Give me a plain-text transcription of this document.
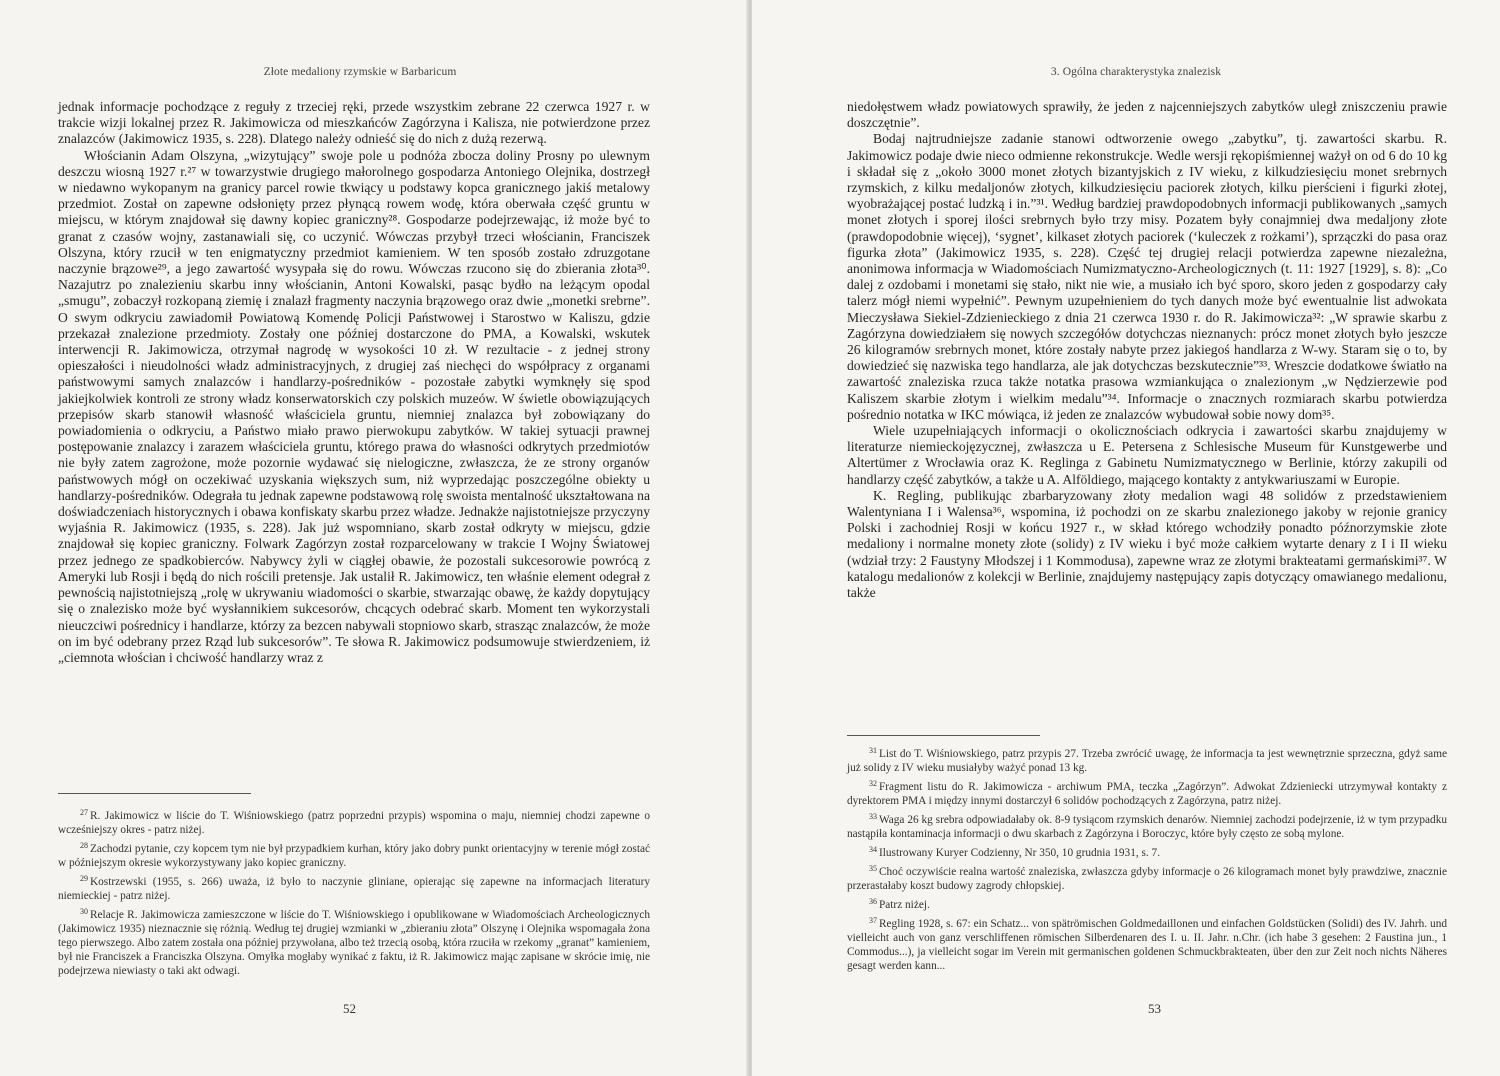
Złote medaliony rzymskie w Barbaricum

jednak informacje pochodzące z reguły z trzeciej ręki, przede wszystkim zebrane 22 czerwca 1927 r. w trakcie wizji lokalnej przez R. Jakimowicza od mieszkańców Zagórzyna i Kalisza, nie potwierdzone przez znalazców (Jakimowicz 1935, s. 228). Dlatego należy odnieść się do nich z dużą rezerwą.

Włościanin Adam Olszyna, „wizytujący” swoje pole u podnóża zbocza doliny Prosny po ulewnym deszczu wiosną 1927 r.²⁷ w towarzystwie drugiego małorolnego gospodarza Antoniego Olejnika, dostrzegł w niedawno wykopanym na granicy parcel rowie tkwiący u podstawy kopca granicznego jakiś metalowy przedmiot. Został on zapewne odsłonięty przez płynącą rowem wodę, która oberwała część gruntu w miejscu, w którym znajdował się dawny kopiec graniczny²⁸. Gospodarze podejrzewając, iż może być to granat z czasów wojny, zastanawiali się, co uczynić. Wówczas przybył trzeci włościanin, Franciszek Olszyna, który rzucił w ten enigmatyczny przedmiot kamieniem. W ten sposób zostało zdruzgotane naczynie brązowe²⁹, a jego zawartość wysypała się do rowu. Wówczas rzucono się do zbierania złota³⁰. Nazajutrz po znalezieniu skarbu inny włościanin, Antoni Kowalski, pasąc bydło na leżącym opodal „smugu”, zobaczył rozkopaną ziemię i znalazł fragmenty naczynia brązowego oraz dwie „monetki srebrne”. O swym odkryciu zawiadomił Powiatową Komendę Policji Państwowej i Starostwo w Kaliszu, gdzie przekazał znalezione przedmioty. Zostały one później dostarczone do PMA, a Kowalski, wskutek interwencji R. Jakimowicza, otrzymał nagrodę w wysokości 10 zł. W rezultacie - z jednej strony opieszałości i nieudolności władz administracyjnych, z drugiej zaś niechęci do współpracy z organami państwowymi samych znalazców i handlarzy-pośredników - pozostałe zabytki wymknęły się spod jakiejkolwiek kontroli ze strony władz konserwatorskich czy polskich muzeów. W świetle obowiązujących przepisów skarb stanowił własność właściciela gruntu, niemniej znalazca był zobowiązany do powiadomienia o odkryciu, a Państwo miało prawo pierwokupu zabytków. W takiej sytuacji prawnej postępowanie znalazcy i zarazem właściciela gruntu, którego prawa do własności odkrytych przedmiotów nie były zatem zagrożone, może pozornie wydawać się nielogiczne, zwłaszcza, że ze strony organów państwowych mógł on oczekiwać uzyskania większych sum, niż wyprzedając poszczególne obiekty u handlarzy-pośredników. Odegrała tu jednak zapewne podstawową rolę swoista mentalność ukształtowana na doświadczeniach historycznych i obawa konfiskaty skarbu przez władze. Jednakże najistotniejsze przyczyny wyjaśnia R. Jakimowicz (1935, s. 228). Jak już wspomniano, skarb został odkryty w miejscu, gdzie znajdował się kopiec graniczny. Folwark Zagórzyn został rozparcelowany w trakcie I Wojny Światowej przez jednego ze spadkobierców. Nabywcy żyli w ciągłej obawie, że pozostali sukcesorowie powrócą z Ameryki lub Rosji i będą do nich rościli pretensje. Jak ustalił R. Jakimowicz, ten właśnie element odegrał z pewnością najistotniejszą „rolę w ukrywaniu wiadomości o skarbie, stwarzając obawę, że każdy dopytujący się o znalezisko może być wysłannikiem sukcesorów, chcących odebrać skarb. Moment ten wykorzystali nieuczciwi pośrednicy i handlarze, którzy za bezcen nabywali stopniowo skarb, strasząc znalazców, że może on im być odebrany przez Rząd lub sukcesorów”. Te słowa R. Jakimowicz podsumowuje stwierdzeniem, iż „ciemnota włościan i chciwość handlarzy wraz z

$^{27}$ R. Jakimowicz w liście do T. Wiśniowskiego (patrz poprzedni przypis) wspomina o maju, niemniej chodzi zapewne o wcześniejszy okres - patrz niżej.

$^{28}$ Zachodzi pytanie, czy kopcem tym nie był przypadkiem kurhan, który jako dobry punkt orientacyjny w terenie mógł zostać w późniejszym okresie wykorzystywany jako kopiec graniczny.

$^{29}$ Kostrzewski (1955, s. 266) uważa, iż było to naczynie gliniane, opierając się zapewne na informacjach literatury niemieckiej - patrz niżej.

$^{30}$ Relacje R. Jakimowicza zamieszczone w liście do T. Wiśniowskiego i opublikowane w Wiadomościach Archeologicznych (Jakimowicz 1935) nieznacznie się różnią. Według tej drugiej wzmianki w „zbieraniu złota” Olszynę i Olejnika wspomagała żona tego pierwszego. Albo zatem została ona później przywołana, albo też trzecią osobą, która rzuciła w rzekomy „granat” kamieniem, był nie Franciszek a Franciszka Olszyna. Omyłka mogłaby wynikać z faktu, iż R. Jakimowicz mając zapisane w skrócie imię, nie podejrzewa niewiasty o taki akt odwagi.

52
3. Ogólna charakterystyka znalezisk

niedołęstwem władz powiatowych sprawiły, że jeden z najcenniejszych zabytków uległ zniszczeniu prawie doszczętnie”.

Bodaj najtrudniejsze zadanie stanowi odtworzenie owego „zabytku”, tj. zawartości skarbu. R. Jakimowicz podaje dwie nieco odmienne rekonstrukcje. Wedle wersji rękopiśmiennej ważył on od 6 do 10 kg i składał się z „około 3000 monet złotych bizantyjskich z IV wieku, z kilkudziesięciu monet srebrnych rzymskich, z kilku medaljonów złotych, kilkudziesięciu paciorek złotych, kilku pierścieni i figurki złotej, wyobrażającej postać ludzką i in.”³¹. Według bardziej prawdopodobnych informacji publikowanych „samych monet złotych i sporej ilości srebrnych było trzy misy. Pozatem były conajmniej dwa medaljony złote (prawdopodobnie więcej), ‘sygnet’, kilkaset złotych paciorek (‘kuleczek z rożkami’), sprzączki do pasa oraz figurka złota” (Jakimowicz 1935, s. 228). Część tej drugiej relacji potwierdza zapewne niezależna, anonimowa informacja w Wiadomościach Numizmatyczno-Archeologicznych (t. 11: 1927 [1929], s. 8): „Co dalej z ozdobami i monetami się stało, nikt nie wie, a musiało ich być sporo, skoro jeden z gospodarzy cały talerz mógł niemi wypełnić”. Pewnym uzupełnieniem do tych danych może być ewentualnie list adwokata Mieczysława Siekiel-Zdzienieckiego z dnia 21 czerwca 1930 r. do R. Jakimowicza³²: „W sprawie skarbu z Zagórzyna dowiedziałem się nowych szczegółów dotychczas nieznanych: prócz monet złotych było jeszcze 26 kilogramów srebrnych monet, które zostały nabyte przez jakiegoś handlarza z W-wy. Staram się o to, by dowiedzieć się nazwiska tego handlarza, ale jak dotychczas bezskutecznie”³³. Wreszcie dodatkowe światło na zawartość znaleziska rzuca także notatka prasowa wzmiankująca o znalezionym „w Nędzierzewie pod Kaliszem skarbie złotym i wielkim medalu”³⁴. Informacje o znacznych rozmiarach skarbu potwierdza pośrednio notatka w IKC mówiąca, iż jeden ze znalazców wybudował sobie nowy dom³⁵.

Wiele uzupełniających informacji o okolicznościach odkrycia i zawartości skarbu znajdujemy w literaturze niemieckojęzycznej, zwłaszcza u E. Petersena z Schlesische Museum für Kunstgewerbe und Altertümer z Wrocławia oraz K. Reglinga z Gabinetu Numizmatycznego w Berlinie, którzy zakupili od handlarzy część zabytków, a także u A. Alföldiego, mającego kontakty z antykwariuszami w Europie.

K. Regling, publikując zbarbaryzowany złoty medalion wagi 48 solidów z przedstawieniem Walentyniana I i Walensa³⁶, wspomina, iż pochodzi on ze skarbu znalezionego jakoby w rejonie granicy Polski i zachodniej Rosji w końcu 1927 r., w skład którego wchodziły ponadto późnorzymskie złote medaliony i normalne monety złote (solidy) z IV wieku i być może całkiem wytarte denary z I i II wieku (wdział trzy: 2 Faustyny Młodszej i 1 Kommodusa), zapewne wraz ze złotymi brakteatami germańskimi³⁷. W katalogu medalionów z kolekcji w Berlinie, znajdujemy następujący zapis dotyczący omawianego medalionu, także

$^{31}$ List do T. Wiśniowskiego, patrz przypis 27. Trzeba zwrócić uwagę, że informacja ta jest wewnętrznie sprzeczna, gdyż same już solidy z IV wieku musiałyby ważyć ponad 13 kg.

$^{32}$ Fragment listu do R. Jakimowicza - archiwum PMA, teczka „Zagórzyn”. Adwokat Zdzieniecki utrzymywał kontakty z dyrektorem PMA i między innymi dostarczył 6 solidów pochodzących z Zagórzyna, patrz niżej.

$^{33}$ Waga 26 kg srebra odpowiadałaby ok. 8-9 tysiącom rzymskich denarów. Niemniej zachodzi podejrzenie, iż w tym przypadku nastąpiła kontaminacja informacji o dwu skarbach z Zagórzyna i Boroczyc, które były często ze sobą mylone.

$^{34}$ Ilustrowany Kuryer Codzienny, Nr 350, 10 grudnia 1931, s. 7.

$^{35}$ Choć oczywiście realna wartość znaleziska, zwłaszcza gdyby informacje o 26 kilogramach monet były prawdziwe, znacznie przerastałaby koszt budowy zagrody chłopskiej.

$^{36}$ Patrz niżej.

$^{37}$ Regling 1928, s. 67: ein Schatz... von spätrömischen Goldmedaillonen und einfachen Goldstücken (Solidi) des IV. Jahrh. und vielleicht auch von ganz verschliffenen römischen Silberdenaren des I. u. II. Jahr. n.Chr. (ich habe 3 gesehen: 2 Faustina jun., 1 Commodus...), ja vielleicht sogar im Verein mit germanischen goldenen Schmuckbrakteaten, über den zur Zeit noch nichts Näheres gesagt werden kann...

53
